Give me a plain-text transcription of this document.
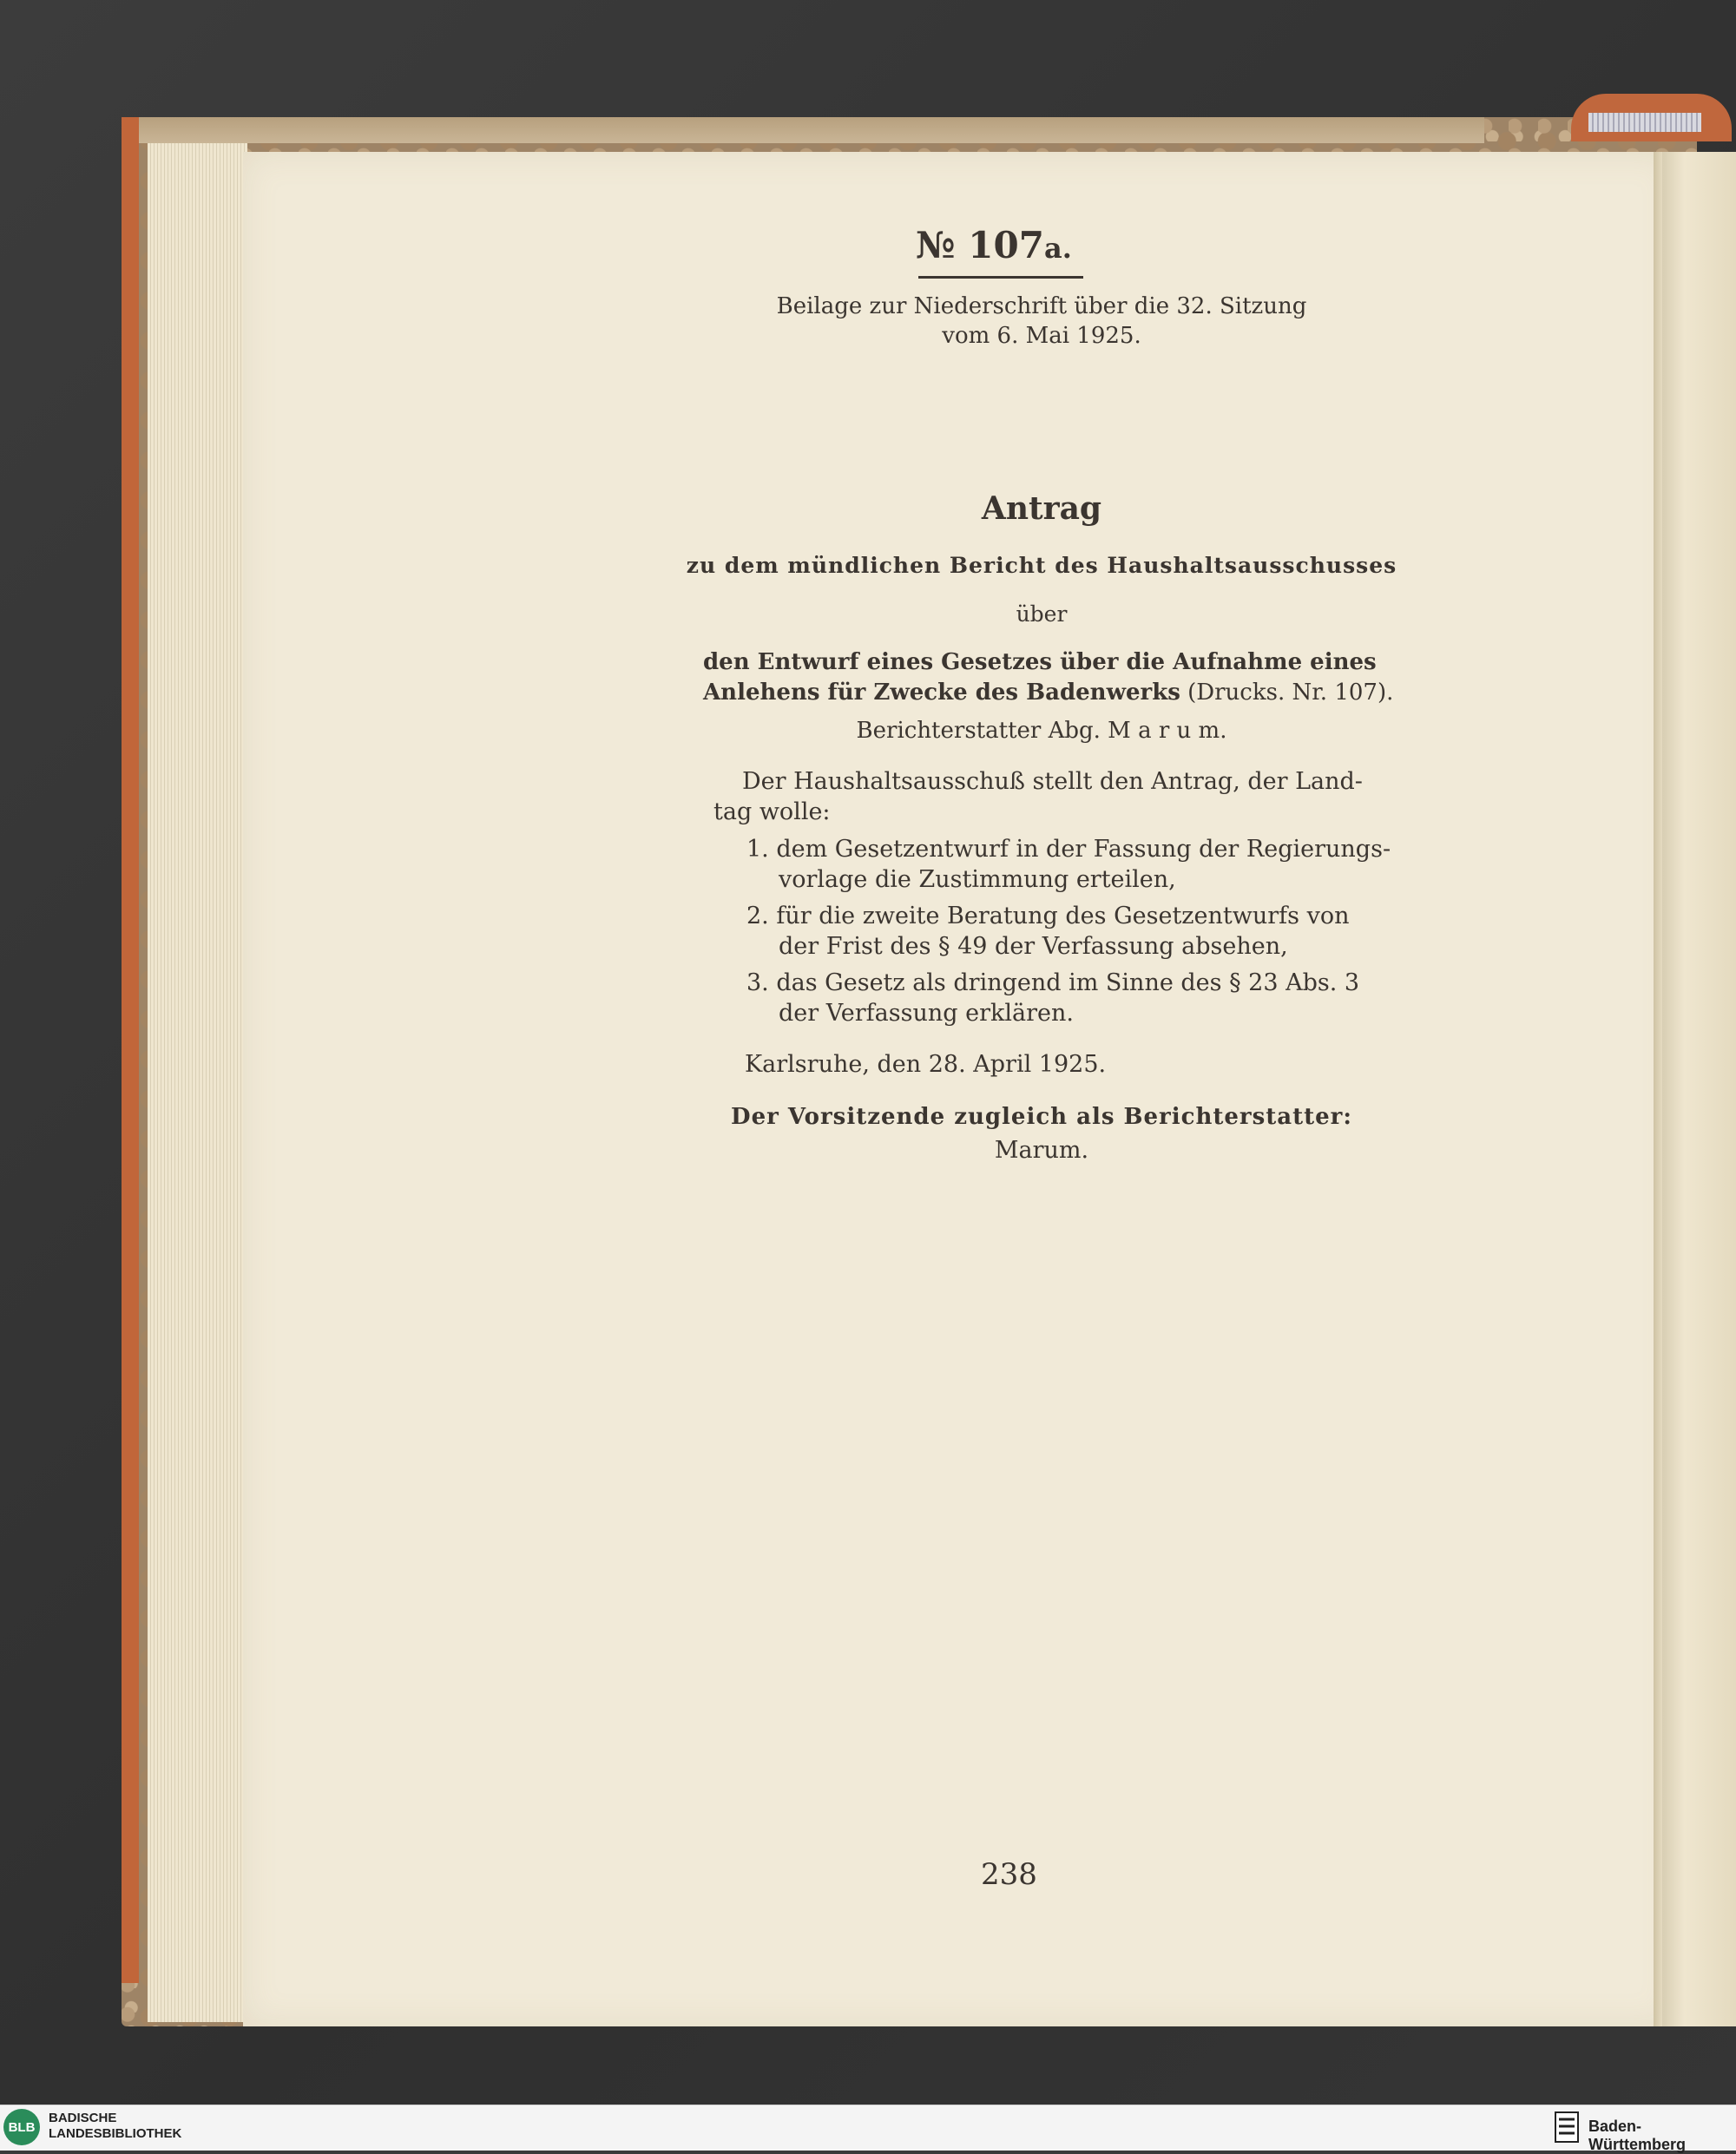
№ 107a.
Beilage zur Niederschrift über die 32. Sitzung
vom 6. Mai 1925.
Antrag
zu dem mündlichen Bericht des Haushaltsausschusses
über
den Entwurf eines Gesetzes über die Aufnahme eines
Anlehens für Zwecke des Badenwerks (Drucks. Nr. 107).
Berichterstatter Abg. M a r u m.
Der Haushaltsausschuß stellt den Antrag, der Land-
tag wolle:
1. dem Gesetzentwurf in der Fassung der Regierungs-
vorlage die Zustimmung erteilen,
2. für die zweite Beratung des Gesetzentwurfs von
der Frist des § 49 der Verfassung absehen,
3. das Gesetz als dringend im Sinne des § 23 Abs. 3
der Verfassung erklären.
Karlsruhe, den 28. April 1925.
Der Vorsitzende zugleich als Berichterstatter:
Marum.
238
BLB
BADISCHE
LANDESBIBLIOTHEK	Baden-Württemberg
